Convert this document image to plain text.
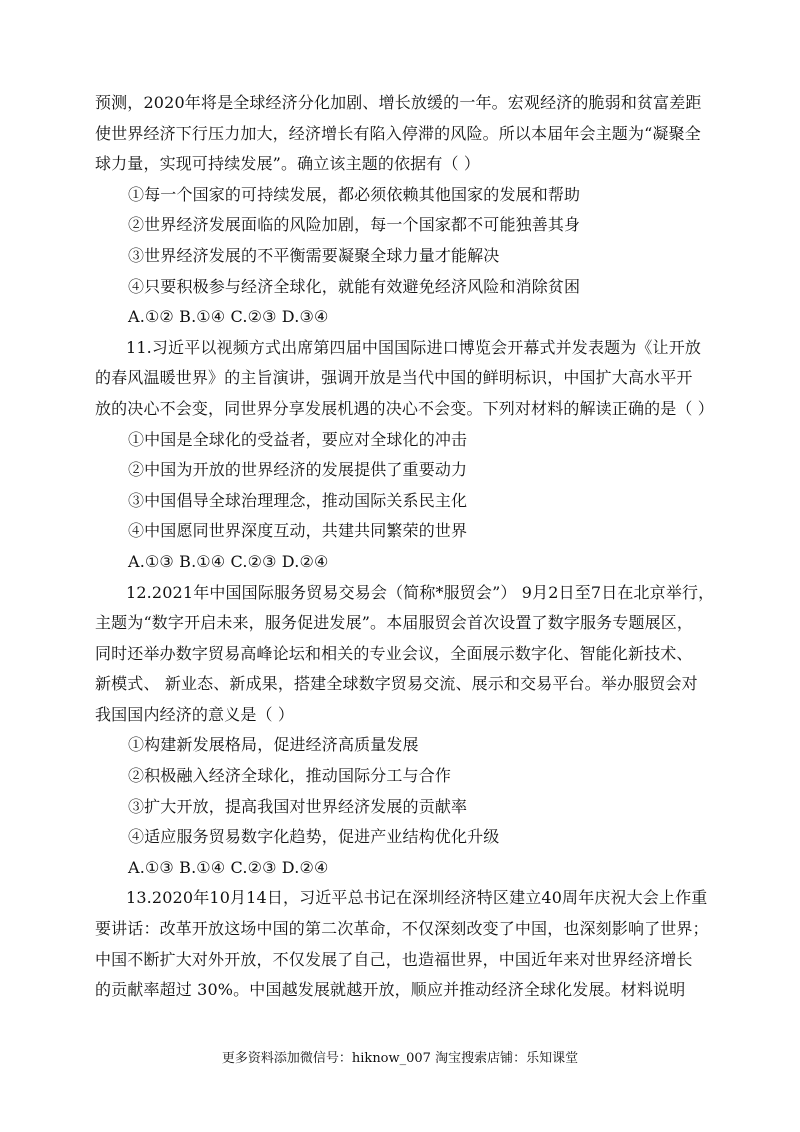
预测，2020年将是全球经济分化加剧、增长放缓的一年。宏观经济的脆弱和贫富差距
使世界经济下行压力加大，经济增长有陷入停滞的风险。所以本届年会主题为“凝聚全
球力量，实现可持续发展”。确立该主题的依据有（ ）
①每一个国家的可持续发展，都必须依赖其他国家的发展和帮助
②世界经济发展面临的风险加剧，每一个国家都不可能独善其身
③世界经济发展的不平衡需要凝聚全球力量才能解决
④只要积极参与经济全球化，就能有效避免经济风险和消除贫困
A.①② B.①④ C.②③ D.③④
11.习近平以视频方式出席第四届中国国际进口博览会开幕式并发表题为《让开放
的春风温暖世界》的主旨演讲，强调开放是当代中国的鲜明标识，中国扩大高水平开
放的决心不会变，同世界分享发展机遇的决心不会变。下列对材料的解读正确的是（ ）
①中国是全球化的受益者，要应对全球化的冲击
②中国为开放的世界经济的发展提供了重要动力
③中国倡导全球治理理念，推动国际关系民主化
④中国愿同世界深度互动，共建共同繁荣的世界
A.①③ B.①④ C.②③ D.②④
12.2021年中国国际服务贸易交易会（简称*服贸会”） 9月2日至7日在北京举行，
主题为“数字开启未来，服务促进发展”。本届服贸会首次设置了数字服务专题展区，
同时还举办数字贸易高峰论坛和相关的专业会议，全面展示数字化、智能化新技术、
新模式、 新业态、新成果，搭建全球数字贸易交流、展示和交易平台。举办服贸会对
我国国内经济的意义是（ ）
①构建新发展格局，促进经济高质量发展
②积极融入经济全球化，推动国际分工与合作
③扩大开放，提高我国对世界经济发展的贡献率
④适应服务贸易数字化趋势，促进产业结构优化升级
A.①③ B.①④ C.②③ D.②④
13.2020年10月14日，习近平总书记在深圳经济特区建立40周年庆祝大会上作重
要讲话：改革开放这场中国的第二次革命，不仅深刻改变了中国，也深刻影响了世界；
中国不断扩大对外开放，不仅发展了自己，也造福世界，中国近年来对世界经济增长
的贡献率超过 30%。中国越发展就越开放，顺应并推动经济全球化发展。材料说明
更多资料添加微信号：hiknow_007 淘宝搜索店铺：乐知课堂
